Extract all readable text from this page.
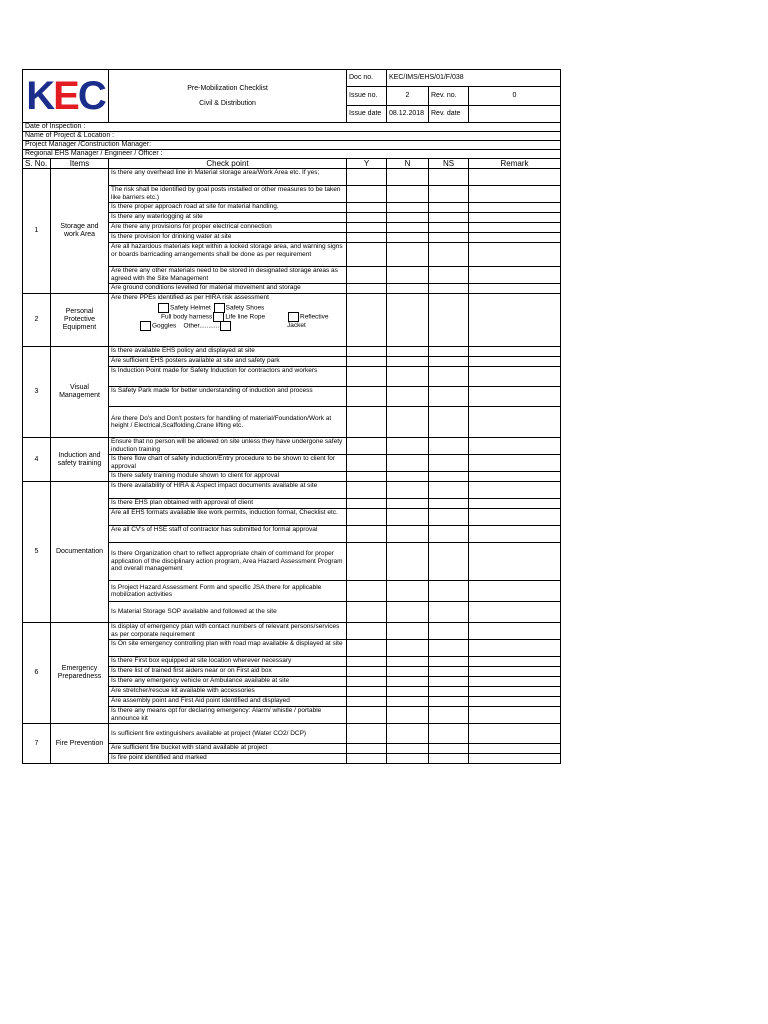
KEC		Pre-Mobilization Checklist
Civil & Distribution	Doc no.	KEC/IMS/EHS/01/F/038		
			Issue no.	2	Rev. no.	0
			Issue date	08.12.2018	Rev. date	
Date of Inspection :						
Name of Project & Location :						
Project Manager /Construction Manager:						
Regional EHS Manager / Engineer / Officer :						
S. No.	Items	Check point	Y	N	NS	Remark
1	Storage and work Area	Is there any overhead line in Material storage area/Work Area etc. If yes;				
		The risk shall be identified by goal posts installed or other measures to be taken like barriers etc.)				
		Is there proper approach road at site for material handling.				
		Is there any waterlogging at site				
		Are there any provisions for proper electrical connection				
		Is there provision for drinking water at site				
		Are all hazardous materials kept within a locked storage area, and warning signs or boards barricading arrangements shall be done as per requirement				
		Are there any other materials need to be stored in designated storage areas as agreed with the Site Management				
		Are ground conditions levelled for material movement and storage				
2	Personal Protective Equipment	Are there PPEs identified as per HIRA risk assessment
Safety Helmet Safety Shoes
Full body harness Life line Rope Reflective Jacket
Goggles Other...........				

3	Visual Management	Is there available EHS policy and displayed at site				
		Are sufficient EHS posters available at site and safety park				
		Is Induction Point made for Safety Induction for contractors and workers				
		Is Safety Park made for better understanding of induction and process				
		Are there Do's and Don't posters for handling of material/Foundation/Work at height / Electrical,Scaffolding,Crane lifting etc.				
4	Induction and safety training	Ensure that no person will be allowed on site unless they have undergone safety induction training				
		Is there flow chart of safety induction/Entry procedure to be shown to client for approval				
		Is there safety training module shown to client for approval				
5	Documentation	Is there availability of HIRA & Aspect impact documents available at site				
		Is there EHS plan obtained with approval of client				
		Are all EHS formats available like work permits, induction format, Checklist etc.				
		Are all CV's of HSE staff of contractor has submitted for formal approval				
		Is there Organization chart to reflect appropriate chain of command for proper application of the disciplinary action program, Area Hazard Assessment Program and overall management				
		Is Project Hazard Assessment Form and specific JSA there for applicable mobilization activities				
		Is Material Storage SOP available and followed at the site				
6	Emergency Preparedness	Is display of emergency plan with contact numbers of relevant persons/services as per corporate requirement				
		Is On site emergency controlling plan with road map available & displayed at site				
		Is there First box equipped at site location wherever necessary				
		Is there list of trained first aiders near or on First aid box				
		Is there any emergency vehicle or Ambulance available at site				
		Are stretcher/rescue kit available with accessories				
		Are assembly point and First Aid point identified and displayed				
		Is there any means opt for declaring emergency: Alarm/ whistle / portable announce kit				
7	Fire Prevention	Is sufficient fire extinguishers available at project (Water CO2/ DCP)				
		Are sufficient fire bucket with stand available at project				
		Is fire point identified and marked				
